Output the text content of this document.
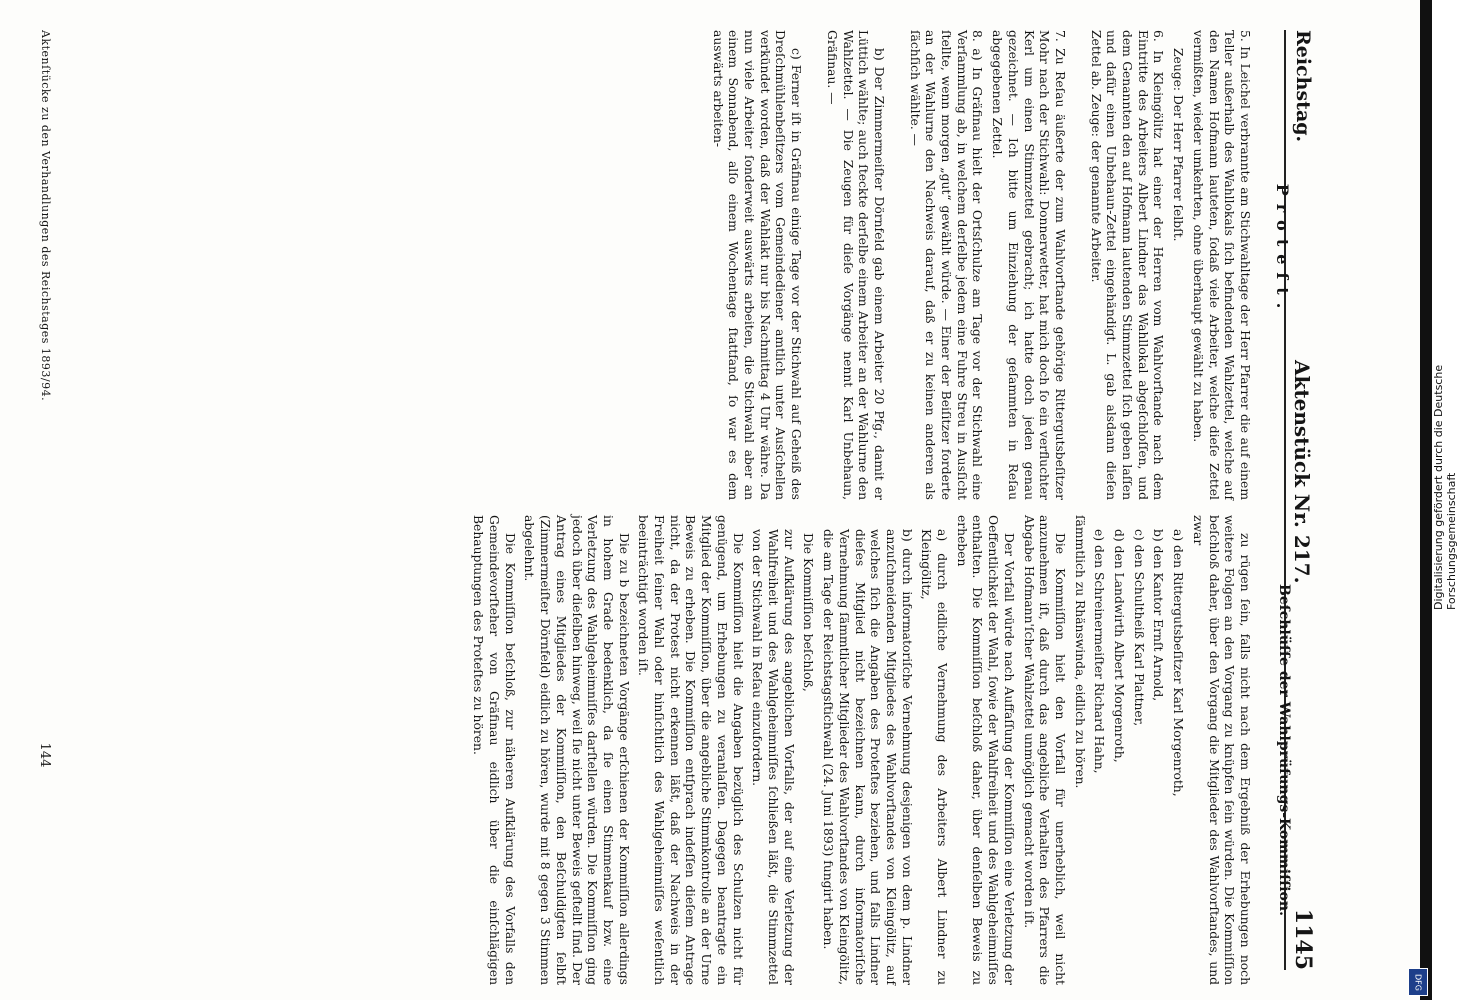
Reichstag.
Aktenstück Nr. 217.
1145
Proteſt.
Beſchlüſſe der Wahlprüfungs-Kommiſſion.

5. In Leichel verbrannte am Stichwahltage der Herr Pfarrer die auf einem Teller außerhalb des Wahllokals ſich befindenden Wahlzettel, welche auf den Namen Hofmann lauteten, ſodaß viele Arbeiter, welche dieſe Zettel vermißten, wieder umkehrten, ohne überhaupt gewählt zu haben.

Zeuge: Der Herr Pfarrer ſelbſt.

6. In Kleingölitz hat einer der Herren vom Wahlvorſtande nach dem Eintritte des Arbeiters Albert Lindner das Wahllokal abgeſchloſſen, und dem Genannten den auf Hofmann lautenden Stimmzettel ſich geben laſſen und dafür einen Unbehaun-Zettel eingehändigt. L. gab alsdann dieſen Zettel ab. Zeuge: der genannte Arbeiter.

7. Zu Reſau äußerte der zum Wahlvorſtande gehörige Rittergutsbeſitzer Mohr nach der Stichwahl: Donnerwetter, hat mich doch ſo ein verfluchter Kerl um einen Stimmzettel gebracht; ich hatte doch jeden genau gezeichnet. — Ich bitte um Einziehung der geſammten in Reſau abgegebenen Zettel.

8. a) In Gräfinau hielt der Ortsſchulze am Tage vor der Stichwahl eine Verſammlung ab, in welchem derſelbe jedem eine Fuhre Streu in Ausſicht ſtellte, wenn morgen „gut“ gewählt würde. — Einer der Beiſitzer forderte an der Wahlurne den Nachweis darauf, daß er zu keinen anderen als ſächſich wählte. —

b) Der Zimmermeiſter Dörnfeld gab einem Arbeiter 20 Pfg., damit er Lüttich wählte; auch ſteckte derſelbe einem Arbeiter an der Wahlurne den Wahlzettel. — Die Zeugen für dieſe Vorgänge nennt Karl Unbehaun, Gräfinau. —

c) Ferner iſt in Gräfinau einige Tage vor der Stichwahl auf Geheiß des Dreſchmühlenbeſitzers vom Gemeindediener amtlich unter Ausſchellen verkündet worden, daß der Wahlakt nur bis Nachmittag 4 Uhr währe. Da nun viele Arbeiter ſonderweit auswärts arbeiten, die Stichwahl aber an einem Sonnabend, alſo einem Wochentage ſtattfand, ſo war es dem auswärts arbeiten-

zu rügen ſein, falls nicht nach dem Ergebniß der Erhebungen noch weitere Folgen an den Vorgang zu knüpfen ſein würden. Die Kommiſſion beſchloß daher, über den Vorgang die Mitglieder des Wahlvorſtandes, und zwar

a) den Rittergutsbeſitzer Karl Morgenroth,

b) den Kantor Ernſt Arnold,

c) den Schultheiß Karl Plattner,

d) den Landwirth Albert Morgenroth,

e) den Schreinermeiſter Richard Hahn,

ſämmtlich zu Rhänswinda, eidlich zu hören.

Die Kommiſſion hielt den Vorfall für unerheblich, weil nicht anzunehmen iſt, daß durch das angebliche Verhalten des Pfarrers die Abgabe Hofmann'ſcher Wahlzettel unmöglich gemacht worden iſt.

Der Vorfall würde nach Auffaſſung der Kommiſſion eine Verletzung der Oeffentlichkeit der Wahl, ſowie der Wahlfreiheit und des Wahlgeheimniſſes enthalten. Die Kommiſſion beſchloß daher, über denſelben Beweis zu erheben

a) durch eidliche Vernehmung des Arbeiters Albert Lindner zu Kleingölitz,

b) durch informatoriſche Vernehmung desjenigen von dem p. Lindner anzuſchneidenden Mitgliedes des Wahlvorſtandes von Kleingölitz, auf welches ſich die Angaben des Proteſtes beziehen, und falls Lindner dieſes Mitglied nicht bezeichnen kann, durch informatoriſche Vernehmung ſämmtlicher Mitglieder des Wahlvorſtandes von Kleingölitz, die am Tage der Reichstagsſtichwahl (24. Juni 1893) fungirt haben.

Die Kommiſſion beſchloß,

zur Aufklärung des angeblichen Vorfalls, der auf eine Verletzung der Wahlfreiheit und des Wahlgeheimniſſes ſchließen läßt, die Stimmzettel von der Stichwahl in Reſau einzufordern.

Die Kommiſſion hielt die Angaben bezüglich des Schulzen nicht für genügend, um Erhebungen zu veranlaſſen. Dagegen beantragte ein Mitglied der Kommiſſion, über die angebliche Stimmkontrolle an der Urne Beweis zu erheben. Die Kommiſſion entſprach indeſſen dieſem Antrage nicht, da der Protest nicht erkennen läßt, daß der Nachweis in der Freiheit ſeiner Wahl oder hinſichtlich des Wahlgeheimniſſes weſentlich beeinträchtigt worden iſt.

Die zu b bezeichneten Vorgänge erſchienen der Kommiſſion allerdings in hohem Grade bedenklich, da ſie einen Stimmenkauf bzw. eine Verletzung des Wahlgeheimniſſes darſtellen würden. Die Kommiſſion ging jedoch über dieſelben hinweg, weil ſie nicht unter Beweis geſtellt ſind. Der Antrag eines Mitgliedes der Kommiſſion, den Beſchuldigten ſelbſt (Zimmermeiſter Dörnfeld) eidlich zu hören, wurde mit 8 gegen 3 Stimmen abgelehnt.

Die Kommiſſion beſchloß, zur näheren Aufklärung des Vorfalls den Gemeindevorſteher von Gräfinau eidlich über die einſchlägigen Behauptungen des Proteſtes zu hören.

Aktenſtücke zu den Verhandlungen des Reichstages 1893/94.
144
Digitalisierung gefördert durch die Deutsche Forschungsgemeinschaft
DFG
